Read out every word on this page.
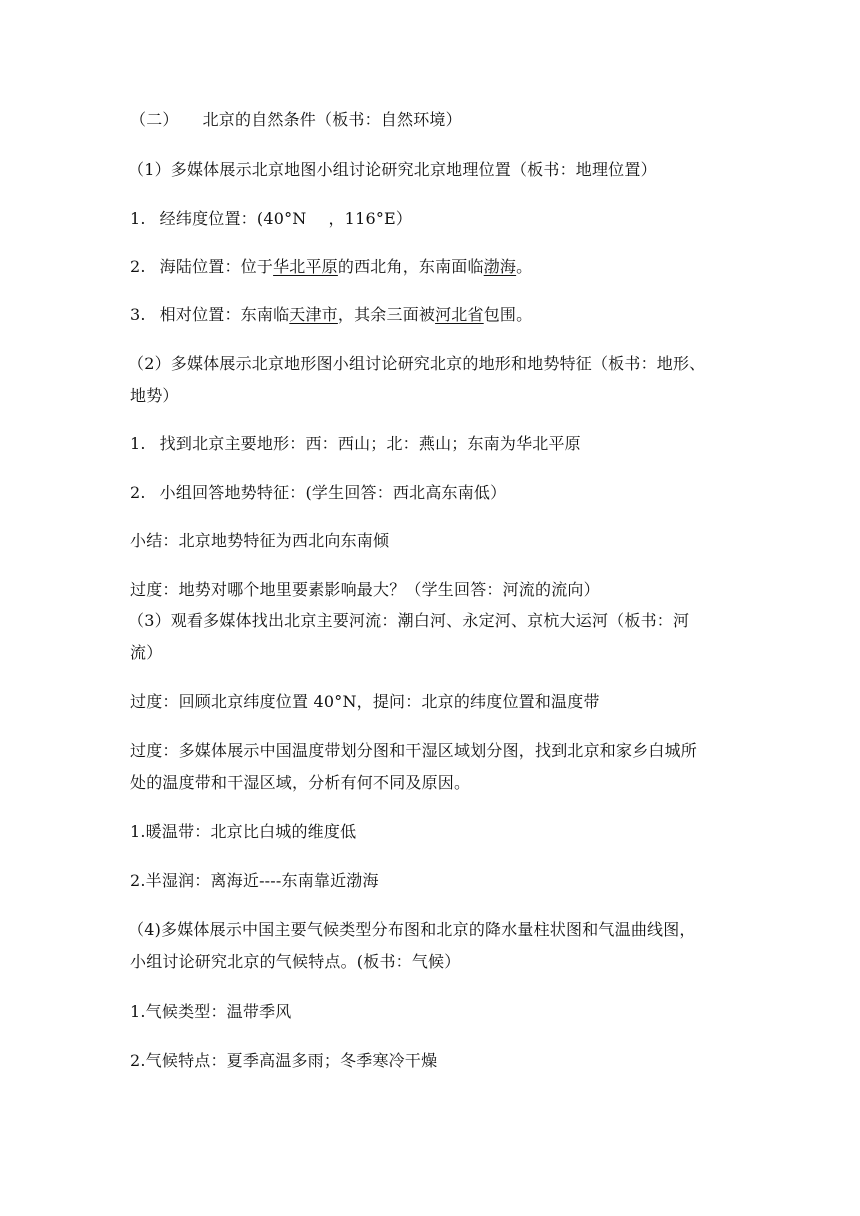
（二） 北京的自然条件（板书：自然环境）
（1）多媒体展示北京地图小组讨论研究北京地理位置（板书：地理位置）
1. 经纬度位置：(40°N ，116°E）
2. 海陆位置：位于华北平原的西北角，东南面临渤海。
3. 相对位置：东南临天津市，其余三面被河北省包围。
（2）多媒体展示北京地形图小组讨论研究北京的地形和地势特征（板书：地形、
地势）
1. 找到北京主要地形：西：西山；北：燕山；东南为华北平原
2. 小组回答地势特征：(学生回答：西北高东南低）
小结：北京地势特征为西北向东南倾
过度：地势对哪个地里要素影响最大？（学生回答：河流的流向）
（3）观看多媒体找出北京主要河流：潮白河、永定河、京杭大运河（板书：河
流）
过度：回顾北京纬度位置 40°N，提问：北京的纬度位置和温度带
过度：多媒体展示中国温度带划分图和干湿区域划分图，找到北京和家乡白城所
处的温度带和干湿区域，分析有何不同及原因。
1.暖温带：北京比白城的维度低
2.半湿润：离海近----东南靠近渤海
（4)多媒体展示中国主要气候类型分布图和北京的降水量柱状图和气温曲线图，
小组讨论研究北京的气候特点。(板书：气候）
1.气候类型：温带季风
2.气候特点：夏季高温多雨；冬季寒冷干燥
